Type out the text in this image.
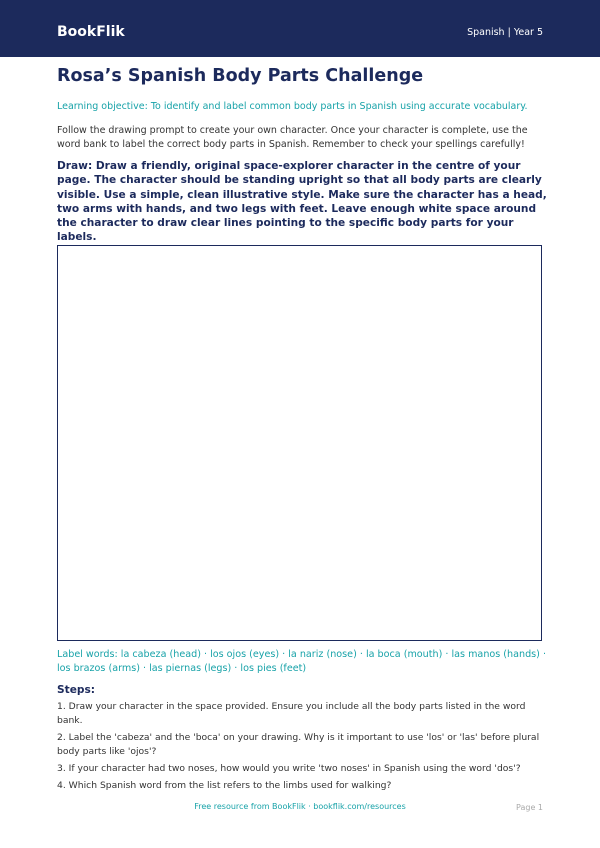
BookFlik	Spanish | Year 5
Rosa’s Spanish Body Parts Challenge
Learning objective: To identify and label common body parts in Spanish using accurate vocabulary.
Follow the drawing prompt to create your own character. Once your character is complete, use the word bank to label the correct body parts in Spanish. Remember to check your spellings carefully!
Draw: Draw a friendly, original space-explorer character in the centre of your page. The character should be standing upright so that all body parts are clearly visible. Use a simple, clean illustrative style. Make sure the character has a head, two arms with hands, and two legs with feet. Leave enough white space around the character to draw clear lines pointing to the specific body parts for your labels.
Label words: la cabeza (head) · los ojos (eyes) · la nariz (nose) · la boca (mouth) · las manos (hands) · los brazos (arms) · las piernas (legs) · los pies (feet)
Steps:
1. Draw your character in the space provided. Ensure you include all the body parts listed in the word bank.
2. Label the 'cabeza' and the 'boca' on your drawing. Why is it important to use 'los' or 'las' before plural body parts like 'ojos'?
3. If your character had two noses, how would you write 'two noses' in Spanish using the word 'dos'?
4. Which Spanish word from the list refers to the limbs used for walking?
Free resource from BookFlik · bookflik.com/resources	Page 1
